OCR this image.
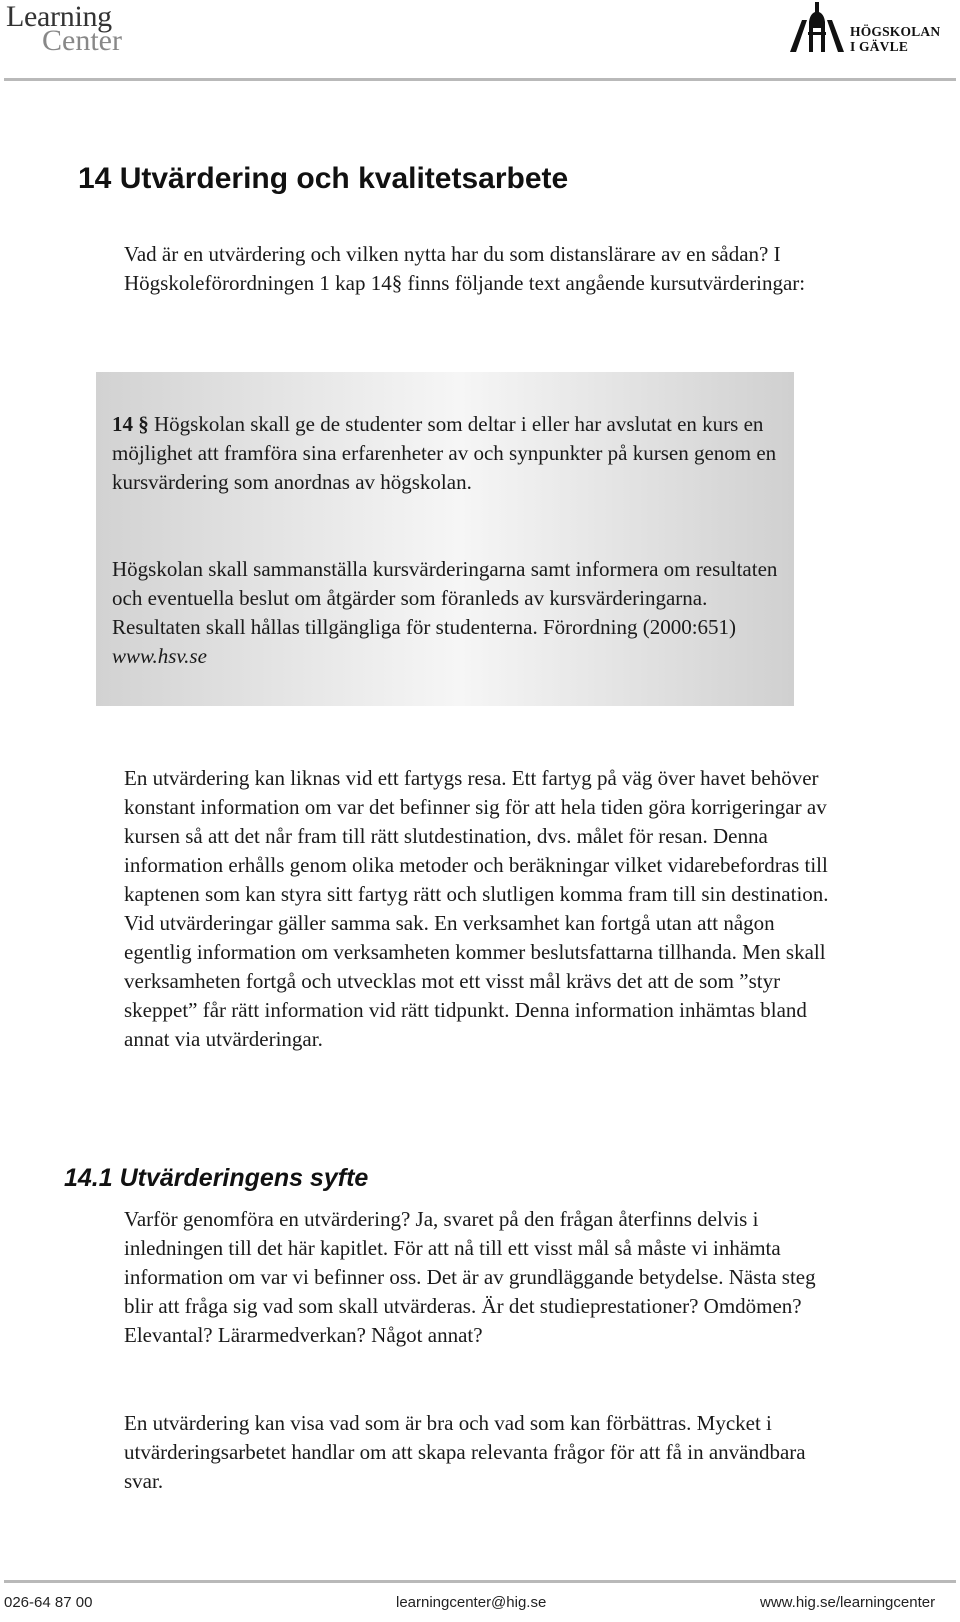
Learning
Center	HÖGSKOLAN
I GÄVLE
14 Utvärdering och kvalitetsarbete
Vad är en utvärdering och vilken nytta har du som distanslärare av en sådan? I Högskoleförordningen 1 kap 14§ finns följande text angående kursutvärderingar:
14 § Högskolan skall ge de studenter som deltar i eller har avslutat en kurs en möjlighet att framföra sina erfarenheter av och synpunkter på kursen genom en kursvärdering som anordnas av högskolan.
Högskolan skall sammanställa kursvärderingarna samt informera om resultaten och eventuella beslut om åtgärder som föranleds av kursvärderingarna. Resultaten skall hållas tillgängliga för studenterna. Förordning (2000:651) www.hsv.se
En utvärdering kan liknas vid ett fartygs resa. Ett fartyg på väg över havet behöver konstant information om var det befinner sig för att hela tiden göra korrigeringar av kursen så att det når fram till rätt slutdestination, dvs. målet för resan. Denna information erhålls genom olika metoder och beräkningar vilket vidarebefordras till kaptenen som kan styra sitt fartyg rätt och slutligen komma fram till sin destination. Vid utvärderingar gäller samma sak. En verksamhet kan fortgå utan att någon egentlig information om verksamheten kommer beslutsfattarna tillhanda. Men skall verksamheten fortgå och utvecklas mot ett visst mål krävs det att de som ”styr skeppet” får rätt information vid rätt tidpunkt. Denna information inhämtas bland annat via utvärderingar.
14.1 Utvärderingens syfte
Varför genomföra en utvärdering? Ja, svaret på den frågan återfinns delvis i inledningen till det här kapitlet. För att nå till ett visst mål så måste vi inhämta information om var vi befinner oss. Det är av grundläggande betydelse. Nästa steg blir att fråga sig vad som skall utvärderas. Är det studieprestationer? Omdömen? Elevantal? Lärarmedverkan? Något annat?
En utvärdering kan visa vad som är bra och vad som kan förbättras. Mycket i utvärderingsarbetet handlar om att skapa relevanta frågor för att få in användbara svar.
026-64 87 00	learningcenter@hig.se	www.hig.se/learningcenter
